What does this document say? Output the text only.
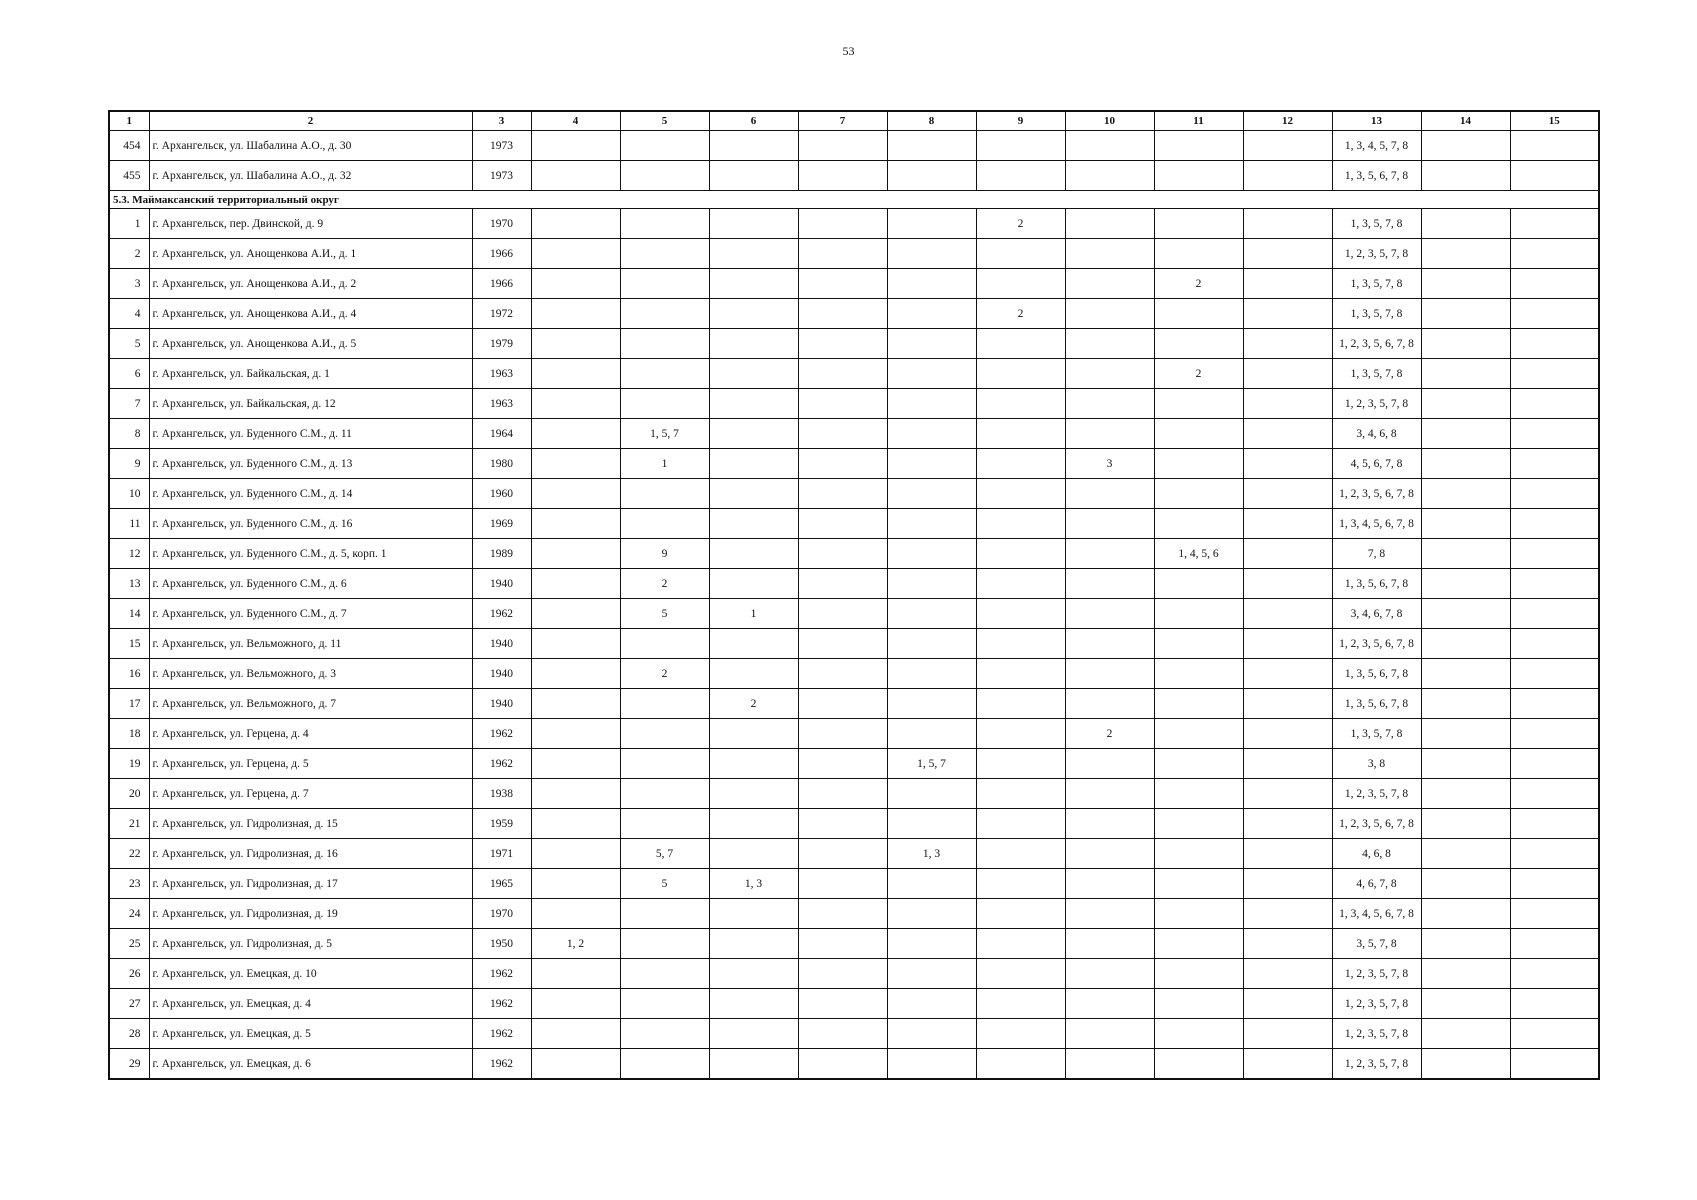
53
1	2	3	4	5	6	7	8	9	10	11	12	13	14	15
454	г. Архангельск, ул. Шабалина А.О., д. 30	1973										1, 3, 4, 5, 7, 8		
455	г. Архангельск, ул. Шабалина А.О., д. 32	1973										1, 3, 5, 6, 7, 8		
5.3. Маймаксанский территориальный округ														
1	г. Архангельск, пер. Двинской, д. 9	1970						2				1, 3, 5, 7, 8		
2	г. Архангельск, ул. Анощенкова А.И., д. 1	1966										1, 2, 3, 5, 7, 8		
3	г. Архангельск, ул. Анощенкова А.И., д. 2	1966								2		1, 3, 5, 7, 8		
4	г. Архангельск, ул. Анощенкова А.И., д. 4	1972						2				1, 3, 5, 7, 8		
5	г. Архангельск, ул. Анощенкова А.И., д. 5	1979										1, 2, 3, 5, 6, 7, 8		
6	г. Архангельск, ул. Байкальская, д. 1	1963								2		1, 3, 5, 7, 8		
7	г. Архангельск, ул. Байкальская, д. 12	1963										1, 2, 3, 5, 7, 8		
8	г. Архангельск, ул. Буденного С.М., д. 11	1964		1, 5, 7								3, 4, 6, 8		
9	г. Архангельск, ул. Буденного С.М., д. 13	1980		1					3			4, 5, 6, 7, 8		
10	г. Архангельск, ул. Буденного С.М., д. 14	1960										1, 2, 3, 5, 6, 7, 8		
11	г. Архангельск, ул. Буденного С.М., д. 16	1969										1, 3, 4, 5, 6, 7, 8		
12	г. Архангельск, ул. Буденного С.М., д. 5, корп. 1	1989		9						1, 4, 5, 6		7, 8		
13	г. Архангельск, ул. Буденного С.М., д. 6	1940		2								1, 3, 5, 6, 7, 8		
14	г. Архангельск, ул. Буденного С.М., д. 7	1962		5	1							3, 4, 6, 7, 8		
15	г. Архангельск, ул. Вельможного, д. 11	1940										1, 2, 3, 5, 6, 7, 8		
16	г. Архангельск, ул. Вельможного, д. 3	1940		2								1, 3, 5, 6, 7, 8		
17	г. Архангельск, ул. Вельможного, д. 7	1940			2							1, 3, 5, 6, 7, 8		
18	г. Архангельск, ул. Герцена, д. 4	1962							2			1, 3, 5, 7, 8		
19	г. Архангельск, ул. Герцена, д. 5	1962					1, 5, 7					3, 8		
20	г. Архангельск, ул. Герцена, д. 7	1938										1, 2, 3, 5, 7, 8		
21	г. Архангельск, ул. Гидролизная, д. 15	1959										1, 2, 3, 5, 6, 7, 8		
22	г. Архангельск, ул. Гидролизная, д. 16	1971		5, 7			1, 3					4, 6, 8		
23	г. Архангельск, ул. Гидролизная, д. 17	1965		5	1, 3							4, 6, 7, 8		
24	г. Архангельск, ул. Гидролизная, д. 19	1970										1, 3, 4, 5, 6, 7, 8		
25	г. Архангельск, ул. Гидролизная, д. 5	1950	1, 2									3, 5, 7, 8		
26	г. Архангельск, ул. Емецкая, д. 10	1962										1, 2, 3, 5, 7, 8		
27	г. Архангельск, ул. Емецкая, д. 4	1962										1, 2, 3, 5, 7, 8		
28	г. Архангельск, ул. Емецкая, д. 5	1962										1, 2, 3, 5, 7, 8		
29	г. Архангельск, ул. Емецкая, д. 6	1962										1, 2, 3, 5, 7, 8		
